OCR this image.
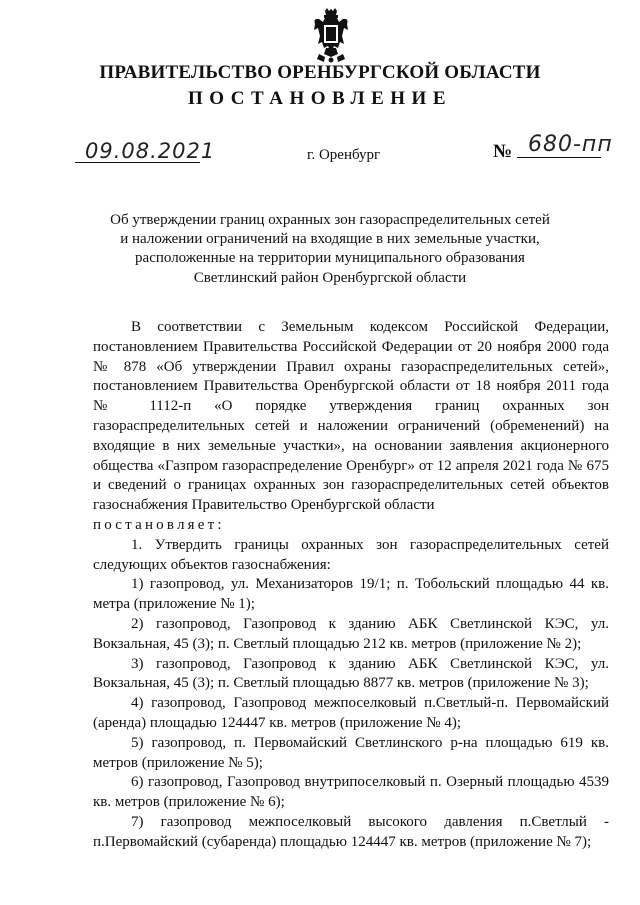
ПРАВИТЕЛЬСТВО ОРЕНБУРГСКОЙ ОБЛАСТИ
ПОСТАНОВЛЕНИЕ
09.08.2021	г. Оренбург	№ 680-пп
Об утверждении границ охранных зон газораспределительных сетей
и наложении ограничений на входящие в них земельные участки,
расположенные на территории муниципального образования
Светлинский район Оренбургской области

В соответствии с Земельным кодексом Российской Федерации, постановлением Правительства Российской Федерации от 20 ноября 2000 года № 878 «Об утверждении Правил охраны газораспределительных сетей», постановлением Правительства Оренбургской области от 18 ноября 2011 года № 1112-п «О порядке утверждения границ охранных зон газораспределительных сетей и наложении ограничений (обременений) на входящие в них земельные участки», на основании заявления акционерного общества «Газпром газораспределение Оренбург» от 12 апреля 2021 года № 675 и сведений о границах охранных зон газораспределительных сетей объектов газоснабжения Правительство Оренбургской области

постановляет:

1. Утвердить границы охранных зон газораспределительных сетей следующих объектов газоснабжения:

1) газопровод, ул. Механизаторов 19/1; п. Тобольский площадью 44 кв. метра (приложение № 1);

2) газопровод, Газопровод к зданию АБК Светлинской КЭС, ул. Вокзальная, 45 (3); п. Светлый площадью 212 кв. метров (приложение № 2);

3) газопровод, Газопровод к зданию АБК Светлинской КЭС, ул. Вокзальная, 45 (3); п. Светлый площадью 8877 кв. метров (приложение № 3);

4) газопровод, Газопровод межпоселковый п.Светлый-п. Первомайский (аренда) площадью 124447 кв. метров (приложение № 4);

5) газопровод, п. Первомайский Светлинского р-на площадью 619 кв. метров (приложение № 5);

6) газопровод, Газопровод внутрипоселковый п. Озерный площадью 4539 кв. метров (приложение № 6);

7) газопровод межпоселковый высокого давления п.Светлый - п.Первомайский (субаренда) площадью 124447 кв. метров (приложение № 7);
